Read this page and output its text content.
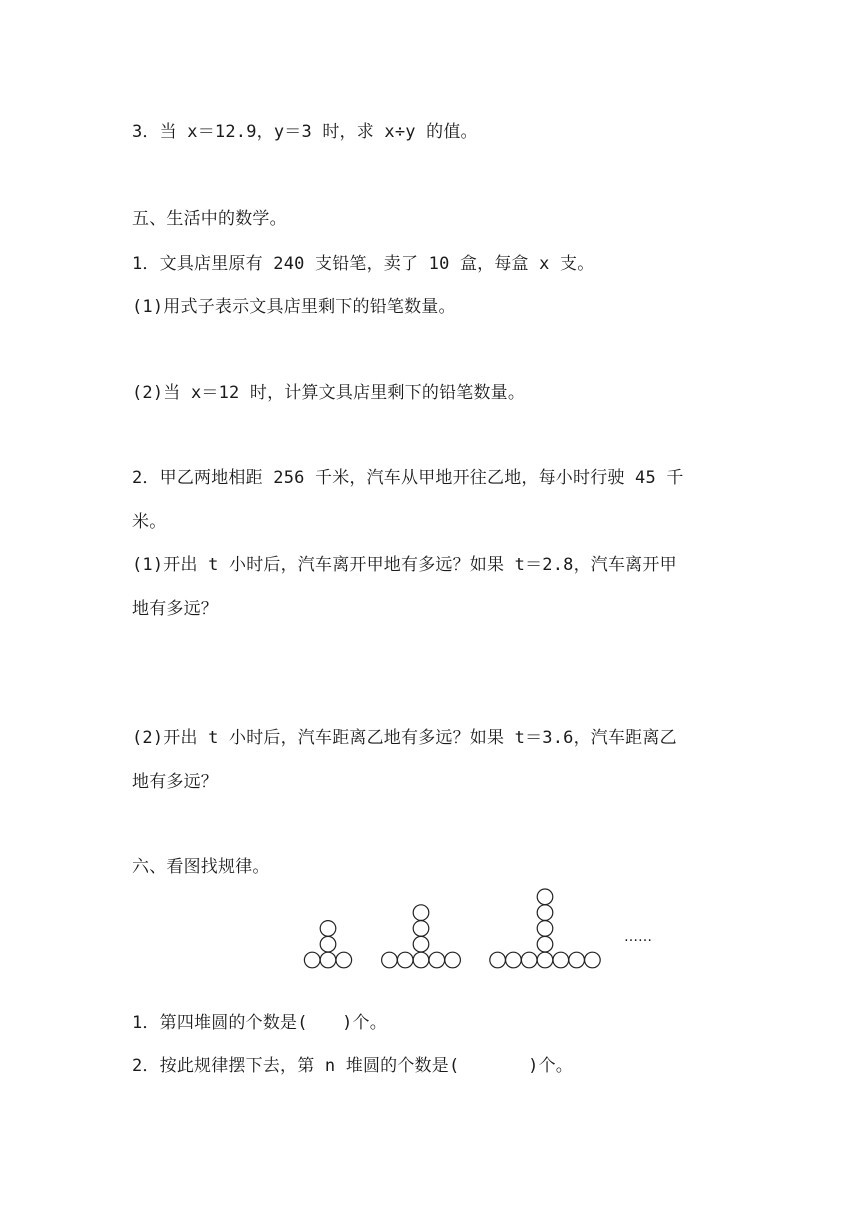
3．当 x＝12.9，y＝3 时，求 x÷y 的值。
五、生活中的数学。
1．文具店里原有 240 支铅笔，卖了 10 盒，每盒 x 支。
(1)用式子表示文具店里剩下的铅笔数量。
(2)当 x＝12 时，计算文具店里剩下的铅笔数量。
2．甲乙两地相距 256 千米，汽车从甲地开往乙地，每小时行驶 45 千
米。
(1)开出 t 小时后，汽车离开甲地有多远？如果 t＝2.8，汽车离开甲
地有多远？
(2)开出 t 小时后，汽车距离乙地有多远？如果 t＝3.6，汽车距离乙
地有多远？
六、看图找规律。
……
1．第四堆圆的个数是(　　)个。
2．按此规律摆下去，第 n 堆圆的个数是(　　　　)个。
